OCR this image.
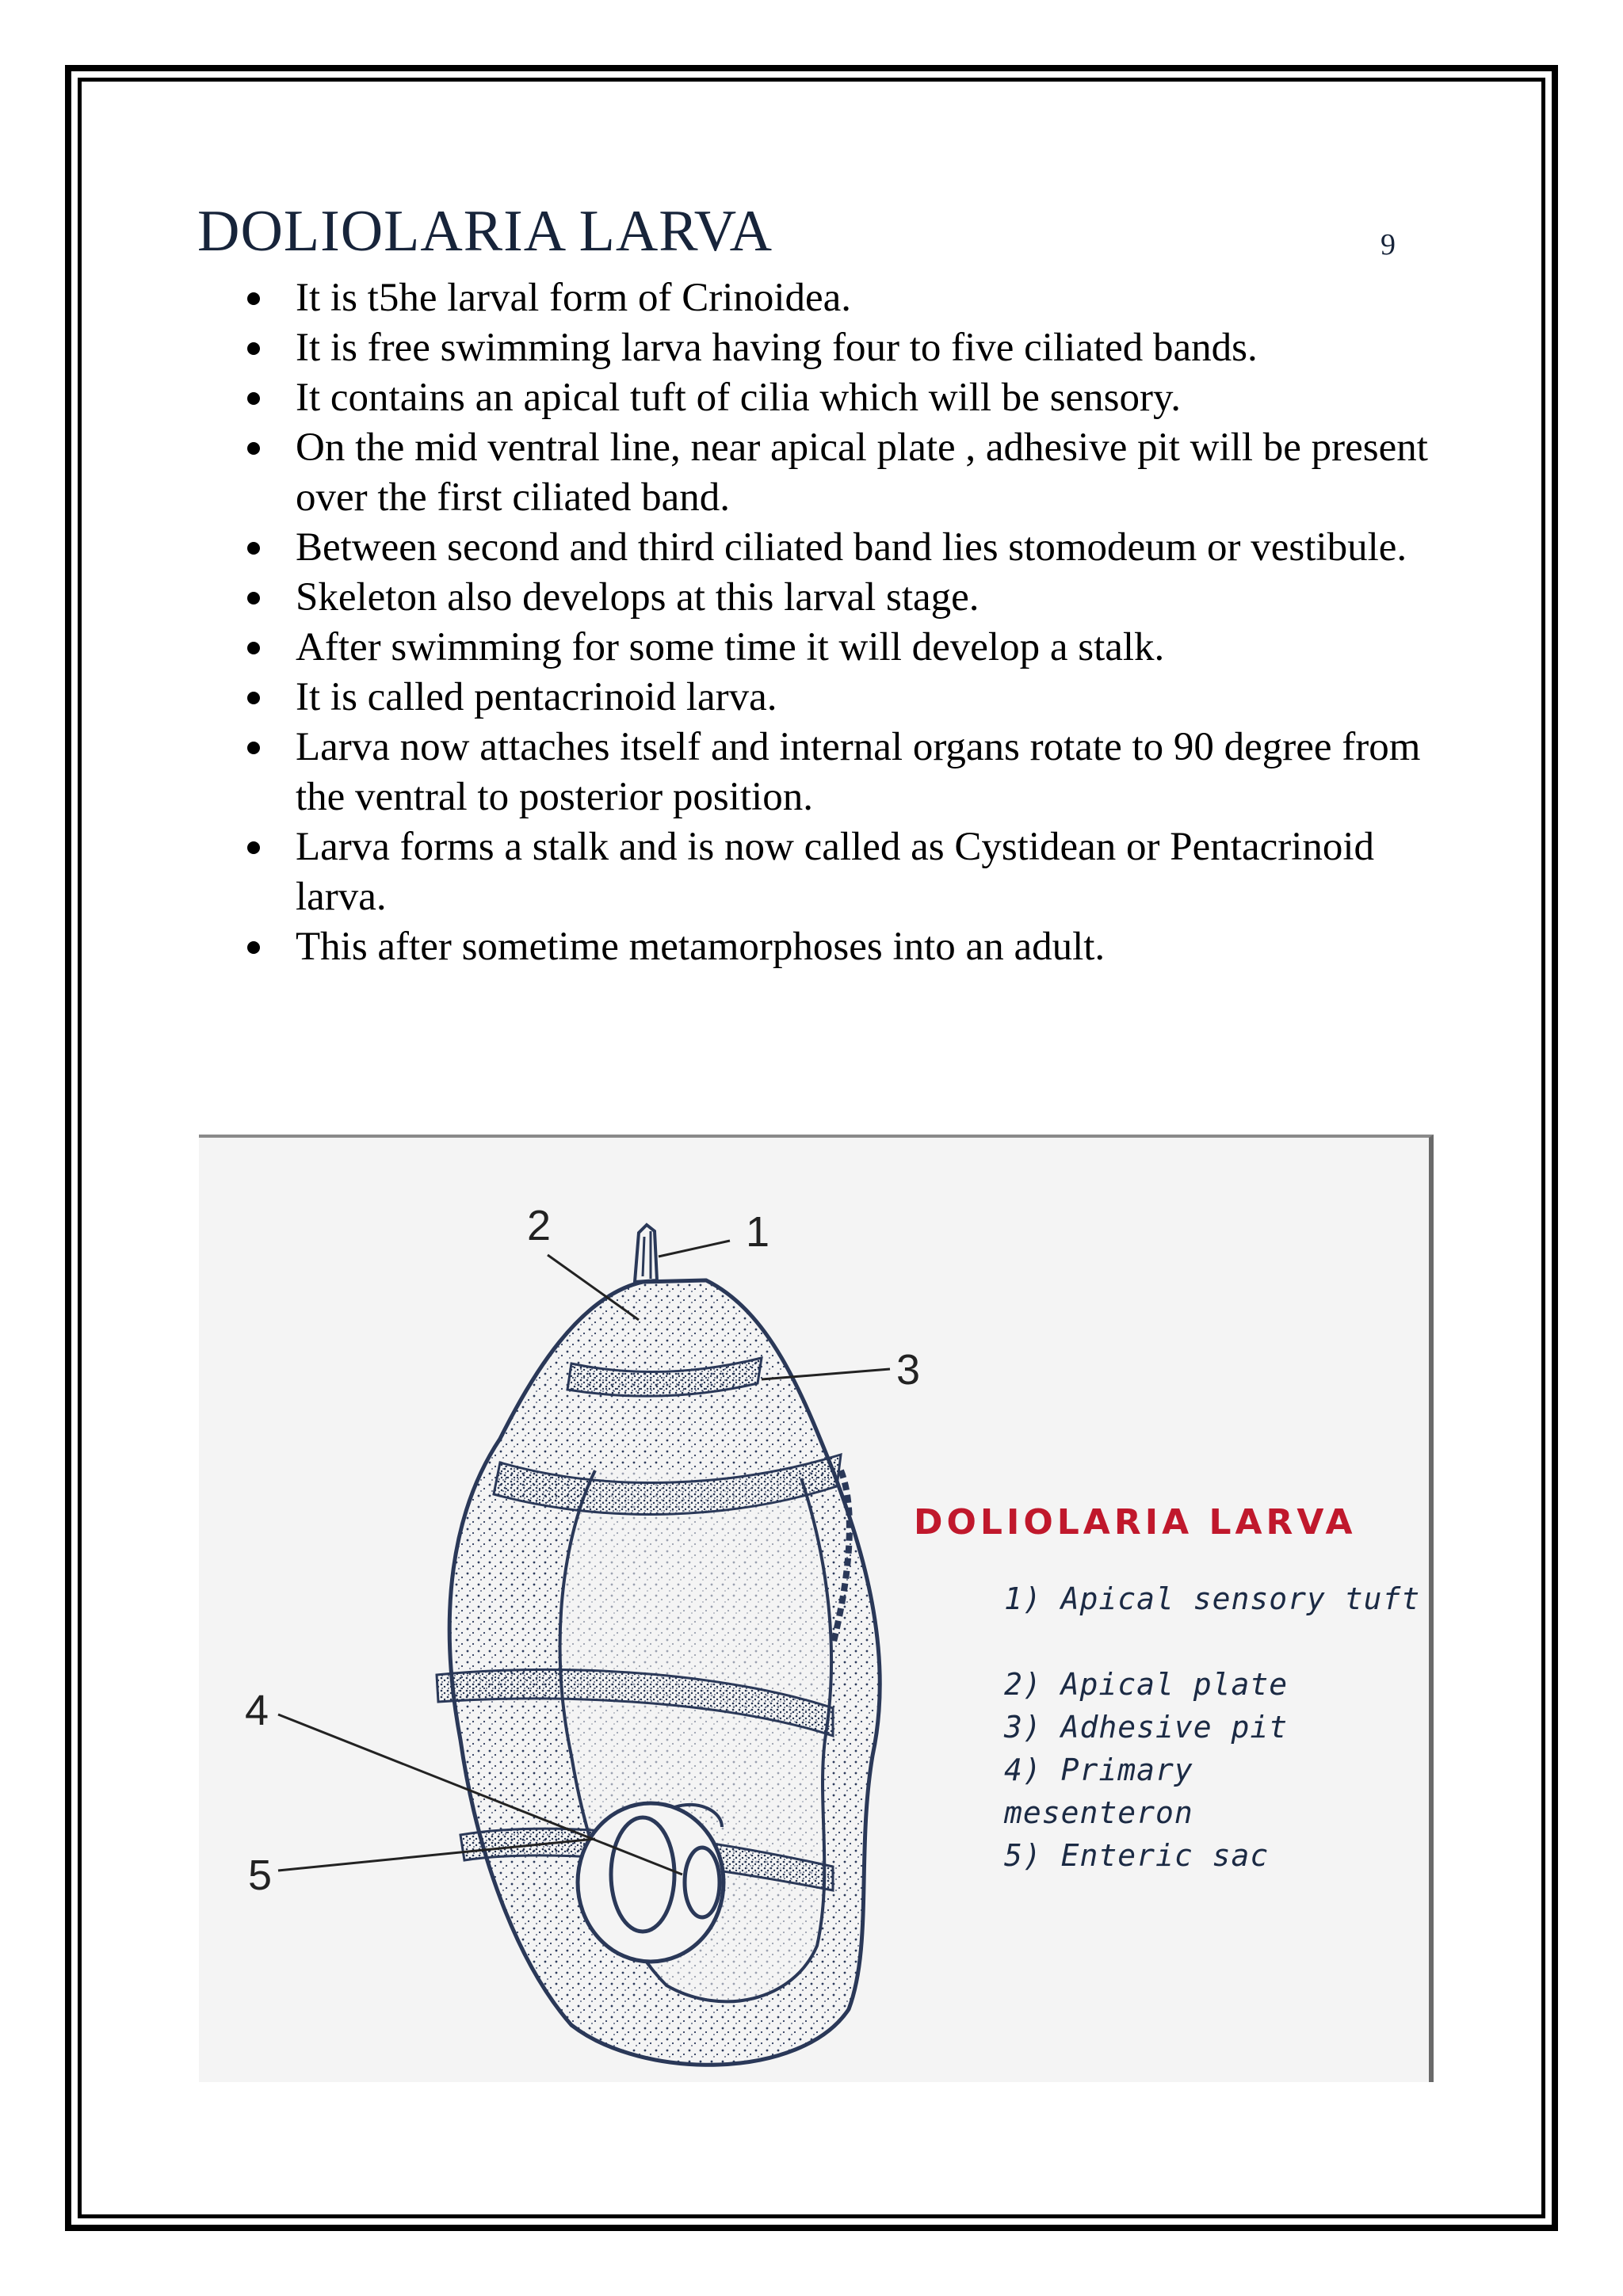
DOLIOLARIA LARVA	9
It is t5he larval form of Crinoidea.
It is free swimming larva having four to five ciliated bands.
It contains an apical tuft of cilia which will be sensory.
On the mid ventral line, near apical plate , adhesive pit will be present over the first ciliated band.
Between second and third ciliated band lies stomodeum or vestibule.
Skeleton also develops at this larval stage.
After swimming for some time it will develop a stalk.
It is called pentacrinoid larva.
Larva now attaches itself and internal organs rotate to 90 degree from the ventral to posterior position.
Larva forms a stalk and is now called as Cystidean or Pentacrinoid larva.
This after sometime metamorphoses into an adult.
1
2
3
4
5
DOLIOLARIA LARVA
1) Apical sensory tuft
2) Apical plate
3) Adhesive pit
4) Primary
mesenteron
5) Enteric sac
